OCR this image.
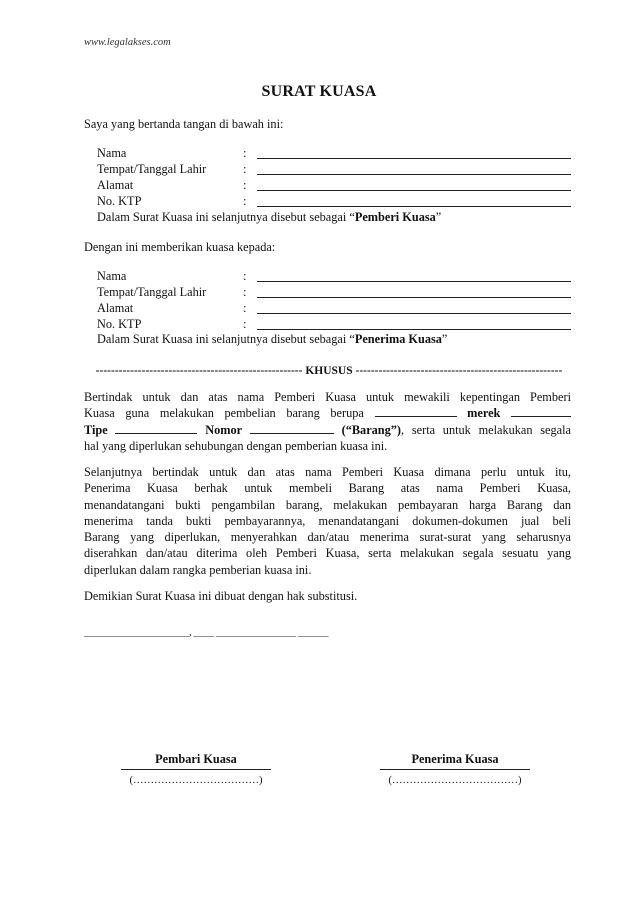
www.legalakses.com
SURAT KUASA
Saya yang bertanda tangan di bawah ini:
Nama	:
Tempat/Tanggal Lahir	:
Alamat	:
No. KTP	:
Dalam Surat Kuasa ini selanjutnya disebut sebagai “Pemberi Kuasa”
Dengan ini memberikan kuasa kepada:
Nama	:
Tempat/Tanggal Lahir	:
Alamat	:
No. KTP	:
Dalam Surat Kuasa ini selanjutnya disebut sebagai “Penerima Kuasa”
------------------------------------------------------ KHUSUS ------------------------------------------------------
Bertindak untuk dan atas nama Pemberi Kuasa untuk mewakili kepentingan Pemberi
Kuasa guna melakukan pembelian barang berupa	merek
Tipe	Nomor	(“Barang”), serta untuk melakukan segala
hal yang diperlukan sehubungan dengan pemberian kuasa ini.
Selanjutnya bertindak untuk dan atas nama Pemberi Kuasa dimana perlu untuk itu,
Penerima Kuasa berhak untuk membeli Barang atas nama Pemberi Kuasa,
menandatangani bukti pengambilan barang, melakukan pembayaran harga Barang dan
menerima tanda bukti pembayarannya, menandatangani dokumen-dokumen jual beli
Barang yang diperlukan, menyerahkan dan/atau menerima surat-surat yang seharusnya
diserahkan dan/atau diterima oleh Pemberi Kuasa, serta melakukan segala sesuatu yang
diperlukan dalam rangka pemberian kuasa ini.
Demikian Surat Kuasa ini dibuat dengan hak substitusi.
_____________________, ____ ________________ ______
Pembari Kuasa
(………………………………)
Penerima Kuasa
(………………………………)
